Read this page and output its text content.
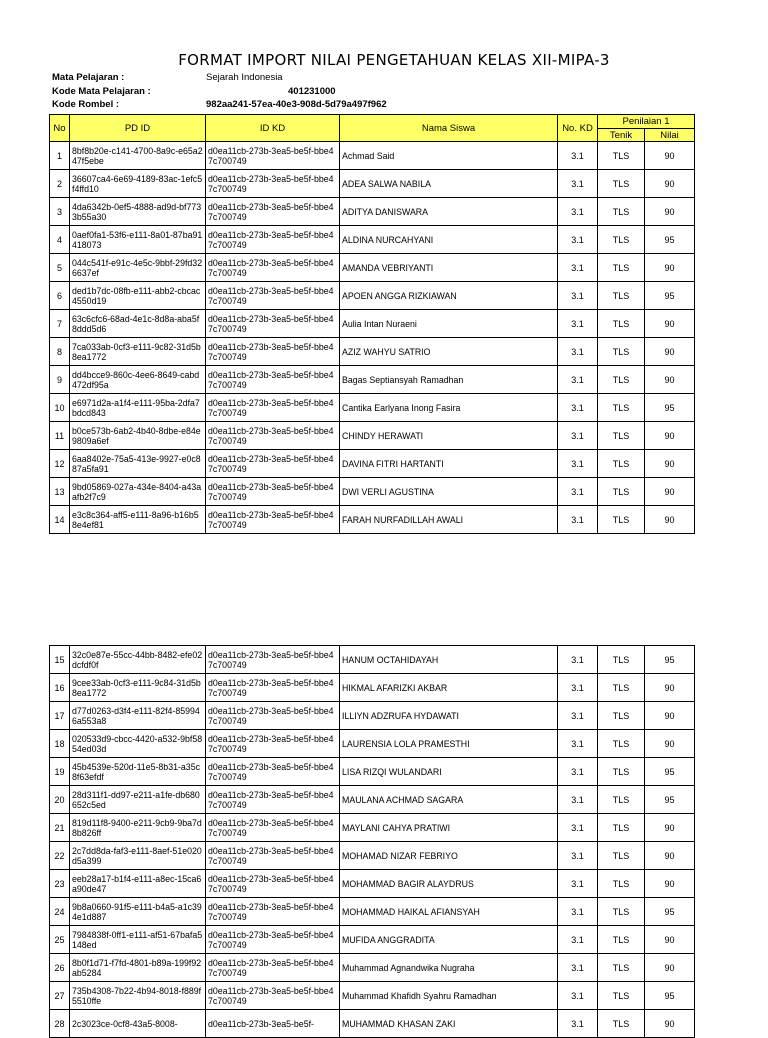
FORMAT IMPORT NILAI PENGETAHUAN KELAS XII-MIPA-3
Mata Pelajaran :	Sejarah Indonesia
Kode Mata Pelajaran :	401231000
Kode Rombel :	982aa241-57ea-40e3-908d-5d79a497f962
No	PD ID	ID KD	Nama Siswa	No. KD	Penilaian 1	
					Tenik	Nilai
1	8bf8b20e-c141-4700-8a9c-e65a247f5ebe	d0ea11cb-273b-3ea5-be5f-bbe47c700749	Achmad Said	3.1	TLS	90
2	36607ca4-6e69-4189-83ac-1efc5f4ffd10	d0ea11cb-273b-3ea5-be5f-bbe47c700749	ADEA SALWA NABILA	3.1	TLS	90
3	4da6342b-0ef5-4888-ad9d-bf7733b55a30	d0ea11cb-273b-3ea5-be5f-bbe47c700749	ADITYA DANISWARA	3.1	TLS	90
4	0aef0fa1-53f6-e111-8a01-87ba91418073	d0ea11cb-273b-3ea5-be5f-bbe47c700749	ALDINA NURCAHYANI	3.1	TLS	95
5	044c541f-e91c-4e5c-9bbf-29fd326637ef	d0ea11cb-273b-3ea5-be5f-bbe47c700749	AMANDA VEBRIYANTI	3.1	TLS	90
6	ded1b7dc-08fb-e111-abb2-cbcac4550d19	d0ea11cb-273b-3ea5-be5f-bbe47c700749	APOEN ANGGA RIZKIAWAN	3.1	TLS	95
7	63c6cfc6-68ad-4e1c-8d8a-aba5f8ddd5d6	d0ea11cb-273b-3ea5-be5f-bbe47c700749	Aulia Intan Nuraeni	3.1	TLS	90
8	7ca033ab-0cf3-e111-9c82-31d5b8ea1772	d0ea11cb-273b-3ea5-be5f-bbe47c700749	AZIZ WAHYU SATRIO	3.1	TLS	90
9	dd4bcce9-860c-4ee6-8649-cabd472df95a	d0ea11cb-273b-3ea5-be5f-bbe47c700749	Bagas Septiansyah Ramadhan	3.1	TLS	90
10	e6971d2a-a1f4-e111-95ba-2dfa7bdcd843	d0ea11cb-273b-3ea5-be5f-bbe47c700749	Cantika Earlyana Inong Fasira	3.1	TLS	95
11	b0ce573b-6ab2-4b40-8dbe-e84e9809a6ef	d0ea11cb-273b-3ea5-be5f-bbe47c700749	CHINDY HERAWATI	3.1	TLS	90
12	6aa8402e-75a5-413e-9927-e0c887a5fa91	d0ea11cb-273b-3ea5-be5f-bbe47c700749	DAVINA FITRI HARTANTI	3.1	TLS	90
13	9bd05869-027a-434e-8404-a43aafb2f7c9	d0ea11cb-273b-3ea5-be5f-bbe47c700749	DWI VERLI AGUSTINA	3.1	TLS	90
14	e3c8c364-aff5-e111-8a96-b16b58e4ef81	d0ea11cb-273b-3ea5-be5f-bbe47c700749	FARAH NURFADILLAH AWALI	3.1	TLS	90
15	32c0e87e-55cc-44bb-8482-efe02dcfdf0f	d0ea11cb-273b-3ea5-be5f-bbe47c700749	HANUM OCTAHIDAYAH	3.1	TLS	95
16	9cee33ab-0cf3-e111-9c84-31d5b8ea1772	d0ea11cb-273b-3ea5-be5f-bbe47c700749	HIKMAL AFARIZKI AKBAR	3.1	TLS	90
17	d77d0263-d3f4-e111-82f4-859946a553a8	d0ea11cb-273b-3ea5-be5f-bbe47c700749	ILLIYN ADZRUFA HYDAWATI	3.1	TLS	90
18	020533d9-cbcc-4420-a532-9bf5854ed03d	d0ea11cb-273b-3ea5-be5f-bbe47c700749	LAURENSIA LOLA PRAMESTHI	3.1	TLS	90
19	45b4539e-520d-11e5-8b31-a35c8f63efdf	d0ea11cb-273b-3ea5-be5f-bbe47c700749	LISA RIZQI WULANDARI	3.1	TLS	95
20	28d311f1-dd97-e211-a1fe-db680652c5ed	d0ea11cb-273b-3ea5-be5f-bbe47c700749	MAULANA ACHMAD SAGARA	3.1	TLS	95
21	819d11f8-9400-e211-9cb9-9ba7d8b826ff	d0ea11cb-273b-3ea5-be5f-bbe47c700749	MAYLANI CAHYA PRATIWI	3.1	TLS	90
22	2c7dd8da-faf3-e111-8aef-51e020d5a399	d0ea11cb-273b-3ea5-be5f-bbe47c700749	MOHAMAD NIZAR FEBRIYO	3.1	TLS	90
23	eeb28a17-b1f4-e111-a8ec-15ca6a90de47	d0ea11cb-273b-3ea5-be5f-bbe47c700749	MOHAMMAD BAGIR ALAYDRUS	3.1	TLS	90
24	9b8a0660-91f5-e111-b4a5-a1c394e1d887	d0ea11cb-273b-3ea5-be5f-bbe47c700749	MOHAMMAD HAIKAL AFIANSYAH	3.1	TLS	95
25	7984838f-0ff1-e111-af51-67bafa5148ed	d0ea11cb-273b-3ea5-be5f-bbe47c700749	MUFIDA ANGGRADITA	3.1	TLS	90
26	8b0f1d71-f7fd-4801-b89a-199f92ab5284	d0ea11cb-273b-3ea5-be5f-bbe47c700749	Muhammad Agnandwika Nugraha	3.1	TLS	90
27	735b4308-7b22-4b94-8018-f889f5510ffe	d0ea11cb-273b-3ea5-be5f-bbe47c700749	Muhammad Khafidh Syahru Ramadhan	3.1	TLS	95
28	2c3023ce-0cf8-43a5-8008-	d0ea11cb-273b-3ea5-be5f-	MUHAMMAD KHASAN ZAKI	3.1	TLS	90
